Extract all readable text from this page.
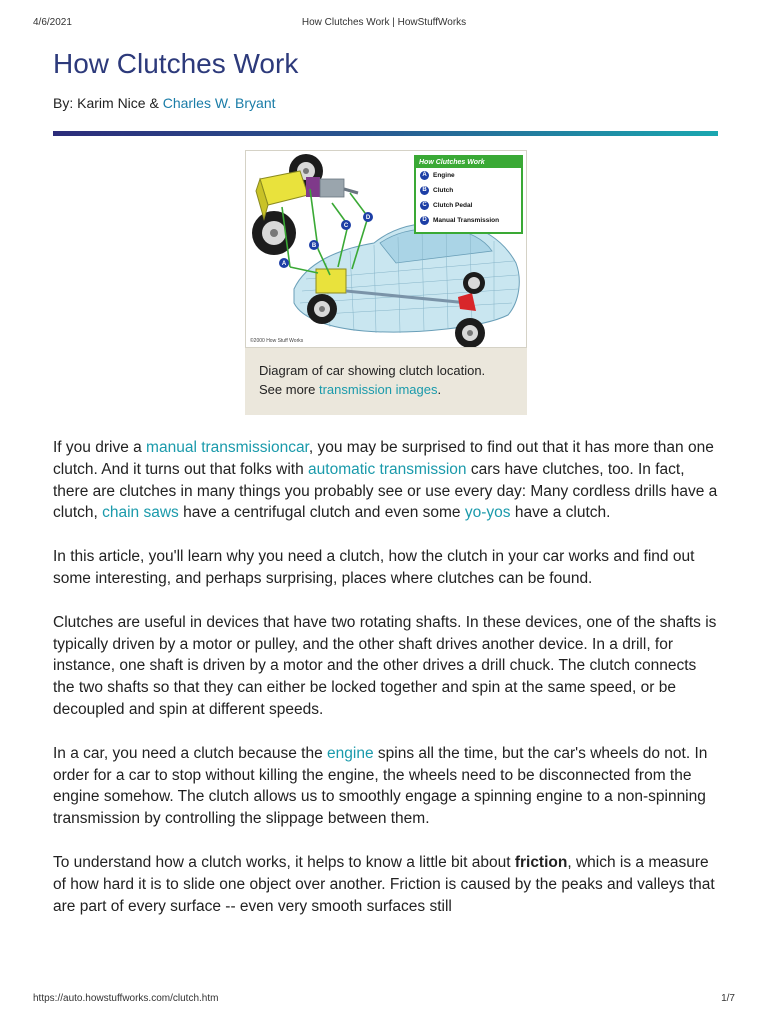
4/6/2021	How Clutches Work | HowStuffWorks
How Clutches Work
By: Karim Nice & Charles W. Bryant
A
B
C
D
How Clutches Work
A Engine
B Clutch
C Clutch Pedal
D Manual Transmission
©2000 How Stuff Works
Diagram of car showing clutch location.
See more transmission images.

If you drive a manual transmissioncar, you may be surprised to find out that it has more than one clutch. And it turns out that folks with automatic transmission cars have clutches, too. In fact, there are clutches in many things you probably see or use every day: Many cordless drills have a clutch, chain saws have a centrifugal clutch and even some yo-yos have a clutch.

In this article, you'll learn why you need a clutch, how the clutch in your car works and find out some interesting, and perhaps surprising, places where clutches can be found.

Clutches are useful in devices that have two rotating shafts. In these devices, one of the shafts is typically driven by a motor or pulley, and the other shaft drives another device. In a drill, for instance, one shaft is driven by a motor and the other drives a drill chuck. The clutch connects the two shafts so that they can either be locked together and spin at the same speed, or be decoupled and spin at different speeds.

In a car, you need a clutch because the engine spins all the time, but the car's wheels do not. In order for a car to stop without killing the engine, the wheels need to be disconnected from the engine somehow. The clutch allows us to smoothly engage a spinning engine to a non-spinning transmission by controlling the slippage between them.

To understand how a clutch works, it helps to know a little bit about friction, which is a measure of how hard it is to slide one object over another. Friction is caused by the peaks and valleys that are part of every surface -- even very smooth surfaces still

https://auto.howstuffworks.com/clutch.htm	1/7
